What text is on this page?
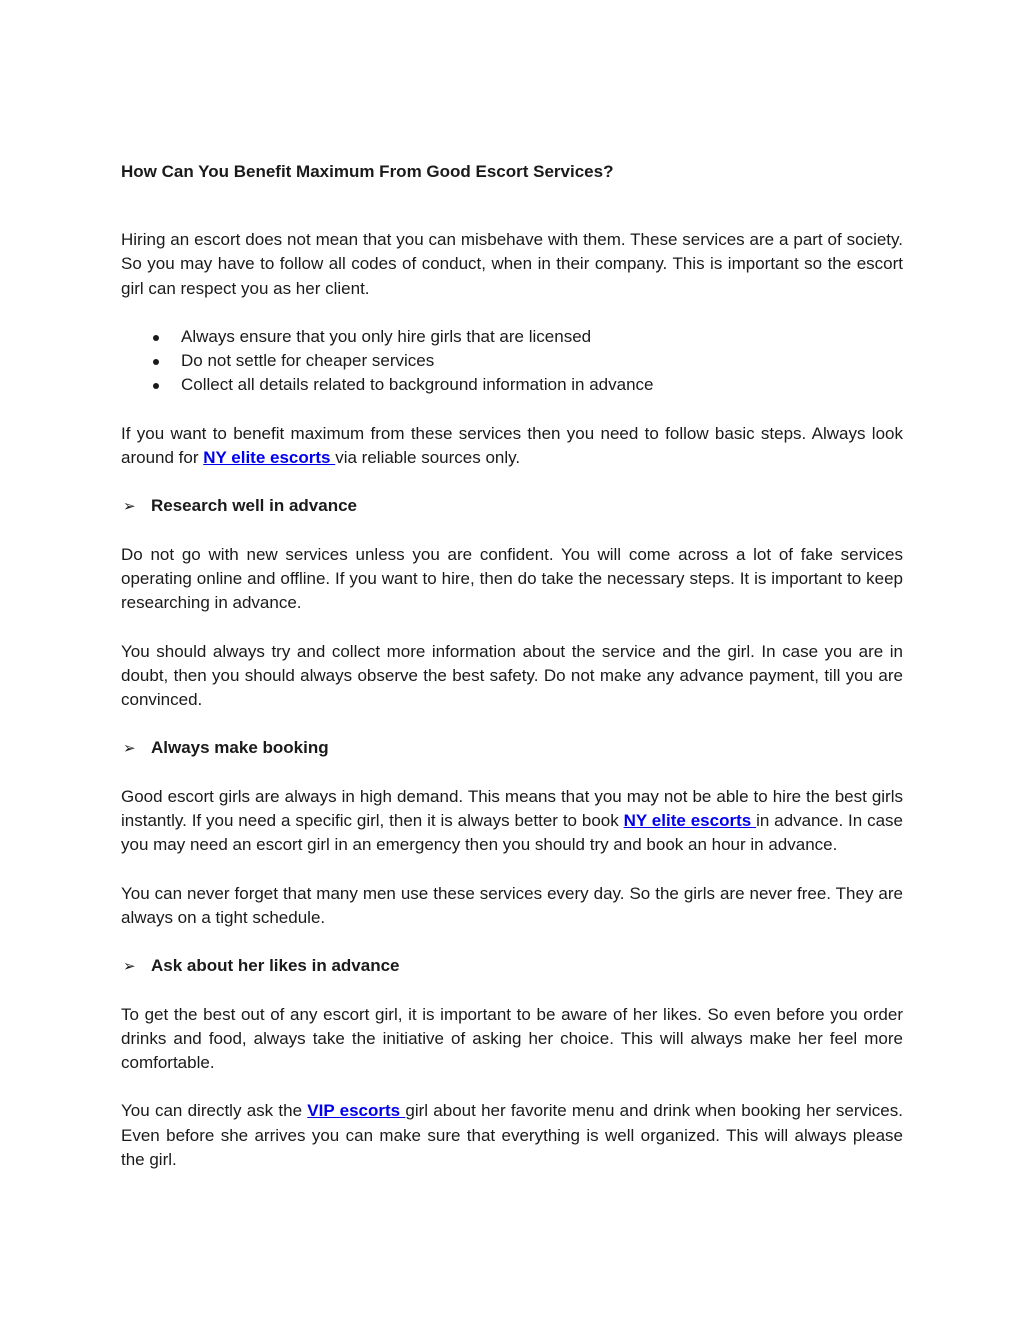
How Can You Benefit Maximum From Good Escort Services?

Hiring an escort does not mean that you can misbehave with them. These services are a part of society. So you may have to follow all codes of conduct, when in their company. This is important so the escort girl can respect you as her client.

Always ensure that you only hire girls that are licensed
Do not settle for cheaper services
Collect all details related to background information in advance

If you want to benefit maximum from these services then you need to follow basic steps. Always look around for NY elite escorts via reliable sources only.

➢ Research well in advance

Do not go with new services unless you are confident. You will come across a lot of fake services operating online and offline. If you want to hire, then do take the necessary steps. It is important to keep researching in advance.

You should always try and collect more information about the service and the girl. In case you are in doubt, then you should always observe the best safety. Do not make any advance payment, till you are convinced.

➢ Always make booking

Good escort girls are always in high demand. This means that you may not be able to hire the best girls instantly. If you need a specific girl, then it is always better to book NY elite escorts in advance. In case you may need an escort girl in an emergency then you should try and book an hour in advance.

You can never forget that many men use these services every day. So the girls are never free. They are always on a tight schedule.

➢ Ask about her likes in advance

To get the best out of any escort girl, it is important to be aware of her likes. So even before you order drinks and food, always take the initiative of asking her choice. This will always make her feel more comfortable.

You can directly ask the VIP escorts girl about her favorite menu and drink when booking her services. Even before she arrives you can make sure that everything is well organized. This will always please the girl.
